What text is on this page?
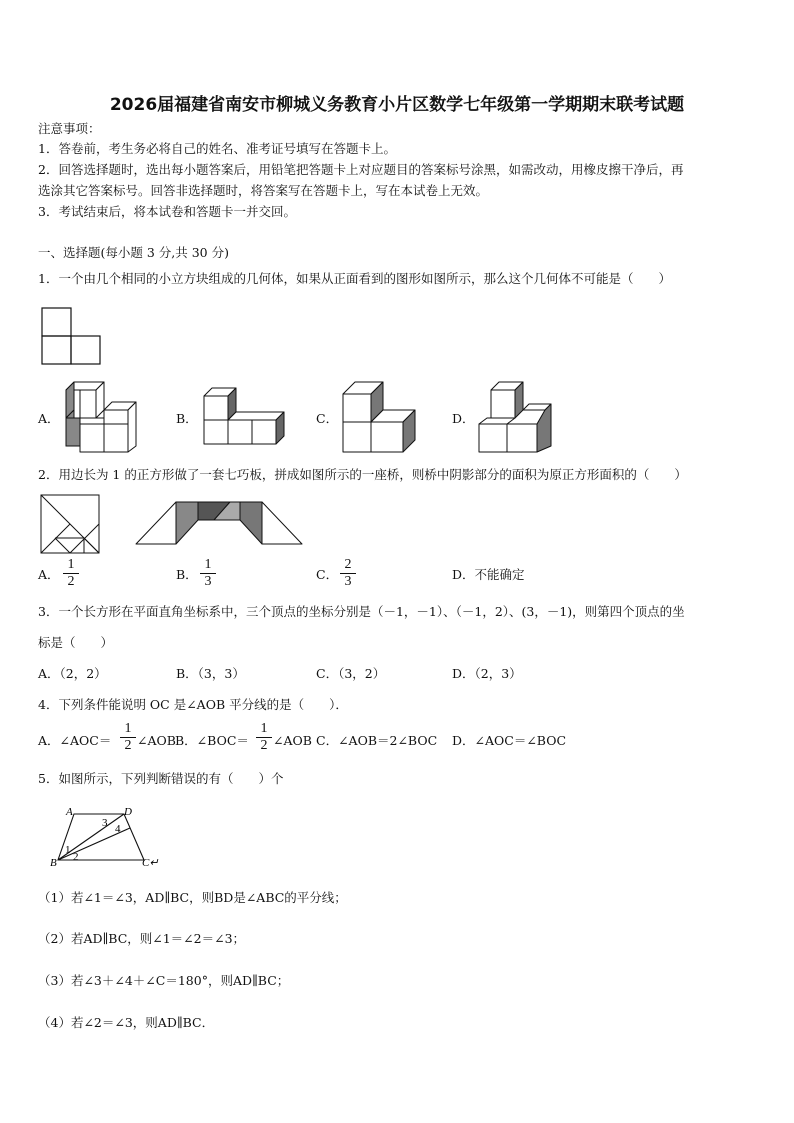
2026届福建省南安市柳城义务教育小片区数学七年级第一学期期末联考试题
注意事项：
1．答卷前，考生务必将自己的姓名、准考证号填写在答题卡上。
2．回答选择题时，选出每小题答案后，用铅笔把答题卡上对应题目的答案标号涂黑，如需改动，用橡皮擦干净后，再
选涂其它答案标号。回答非选择题时，将答案写在答题卡上，写在本试卷上无效。
3．考试结束后，将本试卷和答题卡一并交回。
一、选择题(每小题 3 分,共 30 分)
1．一个由几个相同的小立方块组成的几何体，如果从正面看到的图形如图所示，那么这个几何体不可能是（　　）
A．	B．	C．	D．
2．用边长为 1 的正方形做了一套七巧板，拼成如图所示的一座桥，则桥中阴影部分的面积为原正方形面积的（　　）
A．
1
2	B．
1
3	C．
2
3	D．不能确定
3．一个长方形在平面直角坐标系中，三个顶点的坐标分别是（－1，－1）、（－1，2）、(3，－1)，则第四个顶点的坐
标是（　　）
A．（2，2）	B．（3，3）	C．（3，2）	D．（2，3）
4．下列条件能说明 OC 是∠AOB 平分线的是（　　）．
A．∠AOC＝
1
2 ∠AOB B．∠BOC＝
1
2 ∠AOB C．∠AOB＝2∠BOC D．∠AOC＝∠BOC
5．如图所示，下列判断错误的有（　　）个
A	D
B	C↵
1
2
3 4
（1）若∠1＝∠3，AD∥BC，则BD是∠ABC的平分线；
（2）若AD∥BC，则∠1＝∠2＝∠3；
（3）若∠3＋∠4＋∠C＝180°，则AD∥BC；
（4）若∠2＝∠3，则AD∥BC．
